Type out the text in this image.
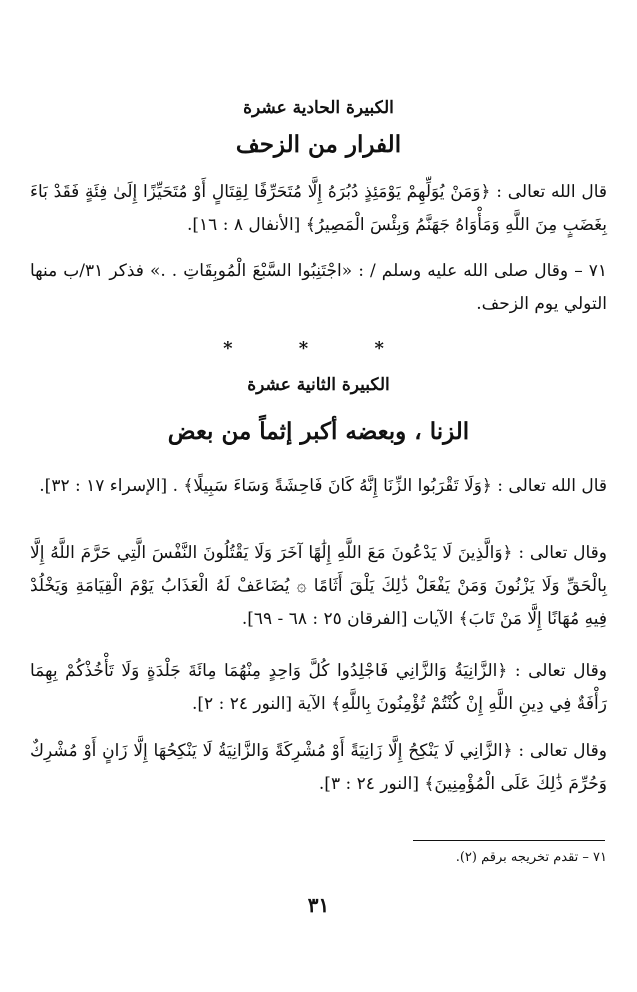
الكبيرة الحادية عشرة
الفرار من الزحف

قال الله تعالى : ﴿وَمَنْ يُوَلِّهِمْ يَوْمَئِذٍ دُبُرَهُ إِلَّا مُتَحَرِّفًا لِقِتَالٍ أَوْ مُتَحَيِّزًا إِلَىٰ فِئَةٍ فَقَدْ بَاءَ بِغَضَبٍ مِنَ اللَّهِ وَمَأْوَاهُ جَهَنَّمُ وَبِئْسَ الْمَصِيرُ﴾ [الأنفال ٨ : ١٦].

٧١ – وقال صلى الله عليه وسلم / : «اجْتَنِبُوا السَّبْعَ الْمُوبِقَاتِ . .» فذكر ٣١/ب منها التولي يوم الزحف.

* * *
الكبيرة الثانية عشرة
الزنا ، وبعضه أكبر إثماً من بعض

قال الله تعالى : ﴿وَلَا تَقْرَبُوا الزِّنَا إِنَّهُ كَانَ فَاحِشَةً وَسَاءَ سَبِيلًا﴾ . [الإسراء ١٧ : ٣٢].

وقال تعالى : ﴿وَالَّذِينَ لَا يَدْعُونَ مَعَ اللَّهِ إِلَٰهًا آخَرَ وَلَا يَقْتُلُونَ النَّفْسَ الَّتِي حَرَّمَ اللَّهُ إِلَّا بِالْحَقِّ وَلَا يَزْنُونَ وَمَنْ يَفْعَلْ ذَٰلِكَ يَلْقَ أَثَامًا ۞ يُضَاعَفْ لَهُ الْعَذَابُ يَوْمَ الْقِيَامَةِ وَيَخْلُدْ فِيهِ مُهَانًا إِلَّا مَنْ تَابَ﴾ الآيات [الفرقان ٢٥ : ٦٨ - ٦٩].

وقال تعالى : ﴿الزَّانِيَةُ وَالزَّانِي فَاجْلِدُوا كُلَّ وَاحِدٍ مِنْهُمَا مِائَةَ جَلْدَةٍ وَلَا تَأْخُذْكُمْ بِهِمَا رَأْفَةٌ فِي دِينِ اللَّهِ إِنْ كُنْتُمْ تُؤْمِنُونَ بِاللَّهِ﴾ الآية [النور ٢٤ : ٢].

وقال تعالى : ﴿الزَّانِي لَا يَنْكِحُ إِلَّا زَانِيَةً أَوْ مُشْرِكَةً وَالزَّانِيَةُ لَا يَنْكِحُهَا إِلَّا زَانٍ أَوْ مُشْرِكٌ وَحُرِّمَ ذَٰلِكَ عَلَى الْمُؤْمِنِينَ﴾ [النور ٢٤ : ٣].

٧١ – تقدم تخريجه برقم (٢).

٣١
